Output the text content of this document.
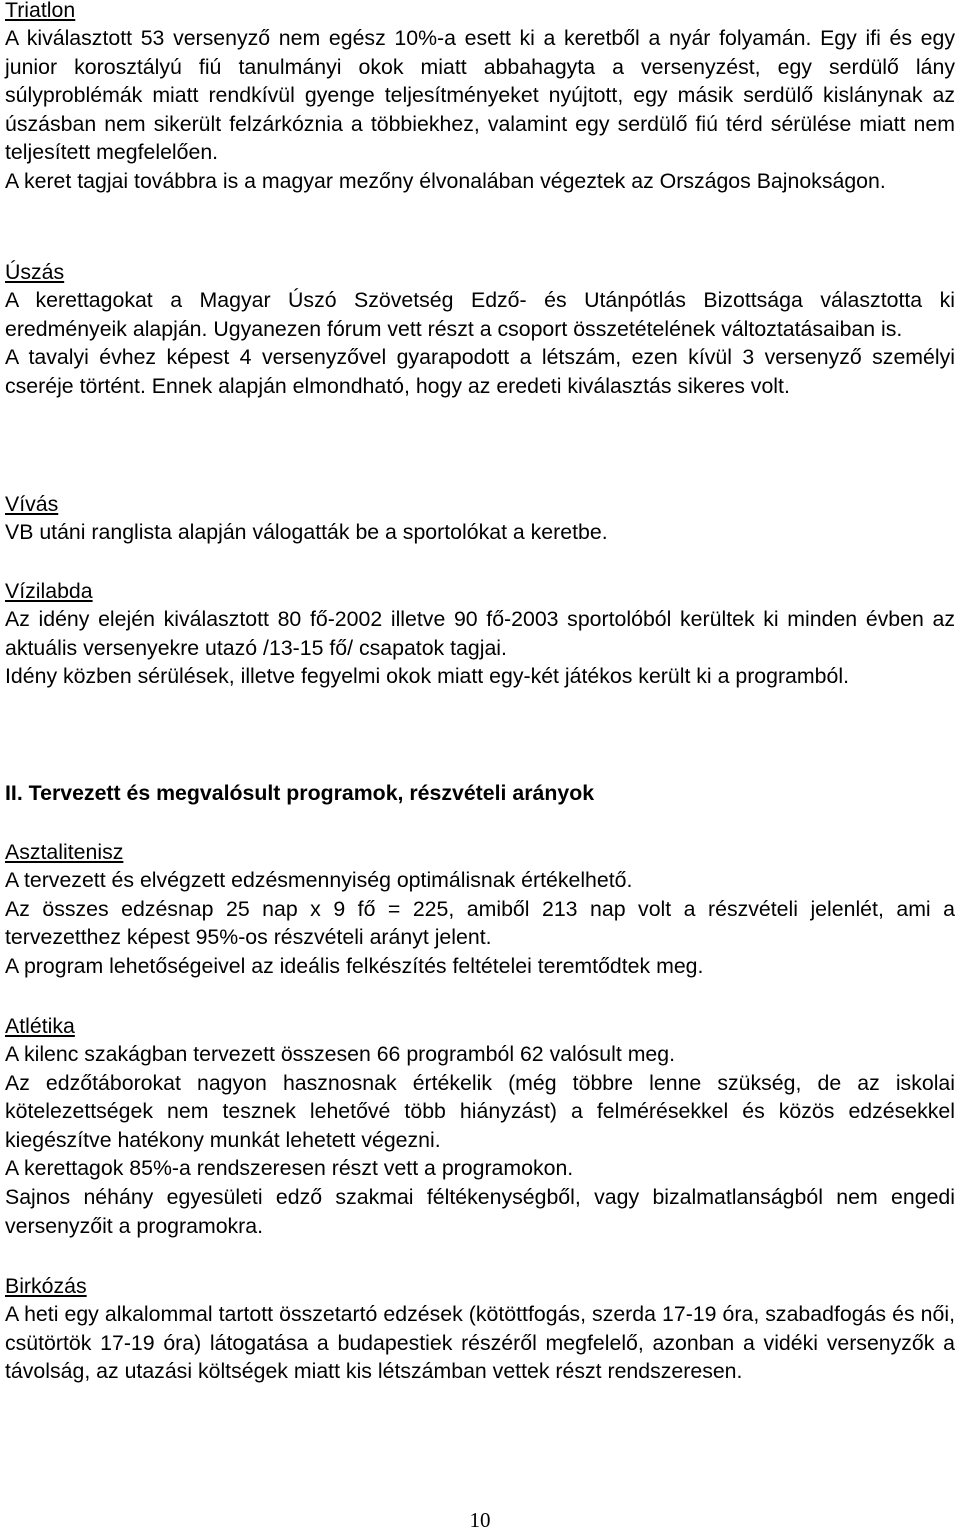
Triatlon
A kiválasztott 53 versenyző nem egész 10%-a esett ki a keretből a nyár folyamán. Egy ifi és egy junior korosztályú fiú tanulmányi okok miatt abbahagyta a versenyzést, egy serdülő lány súlyproblémák miatt rendkívül gyenge teljesítményeket nyújtott, egy másik serdülő kislánynak az úszásban nem sikerült felzárkóznia a többiekhez, valamint egy serdülő fiú térd sérülése miatt nem teljesített megfelelően.
A keret tagjai továbbra is a magyar mezőny élvonalában végeztek az Országos Bajnokságon.
Úszás
A kerettagokat a Magyar Úszó Szövetség Edző- és Utánpótlás Bizottsága választotta ki eredményeik alapján. Ugyanezen fórum vett részt a csoport összetételének változtatásaiban is.
A tavalyi évhez képest 4 versenyzővel gyarapodott a létszám, ezen kívül 3 versenyző személyi cseréje történt. Ennek alapján elmondható, hogy az eredeti kiválasztás sikeres volt.
Vívás
VB utáni ranglista alapján válogatták be a sportolókat a keretbe.
Vízilabda
Az idény elején kiválasztott 80 fő-2002 illetve 90 fő-2003 sportolóból kerültek ki minden évben az aktuális versenyekre utazó /13-15 fő/ csapatok tagjai.
Idény közben sérülések, illetve fegyelmi okok miatt egy-két játékos került ki a programból.
II. Tervezett és megvalósult programok, részvételi arányok
Asztalitenisz
A tervezett és elvégzett edzésmennyiség optimálisnak értékelhető.
Az összes edzésnap 25 nap x 9 fő = 225, amiből 213 nap volt a részvételi jelenlét, ami a tervezetthez képest 95%-os részvételi arányt jelent.
A program lehetőségeivel az ideális felkészítés feltételei teremtődtek meg.
Atlétika
A kilenc szakágban tervezett összesen 66 programból 62 valósult meg.
Az edzőtáborokat nagyon hasznosnak értékelik (még többre lenne szükség, de az iskolai kötelezettségek nem tesznek lehetővé több hiányzást) a felmérésekkel és közös edzésekkel kiegészítve hatékony munkát lehetett végezni.
A kerettagok 85%-a rendszeresen részt vett a programokon.
Sajnos néhány egyesületi edző szakmai féltékenységből, vagy bizalmatlanságból nem engedi versenyzőit a programokra.
Birkózás
A heti egy alkalommal tartott összetartó edzések (kötöttfogás, szerda 17-19 óra, szabadfogás és női, csütörtök 17-19 óra) látogatása a budapestiek részéről megfelelő, azonban a vidéki versenyzők a távolság, az utazási költségek miatt kis létszámban vettek részt rendszeresen.
10
